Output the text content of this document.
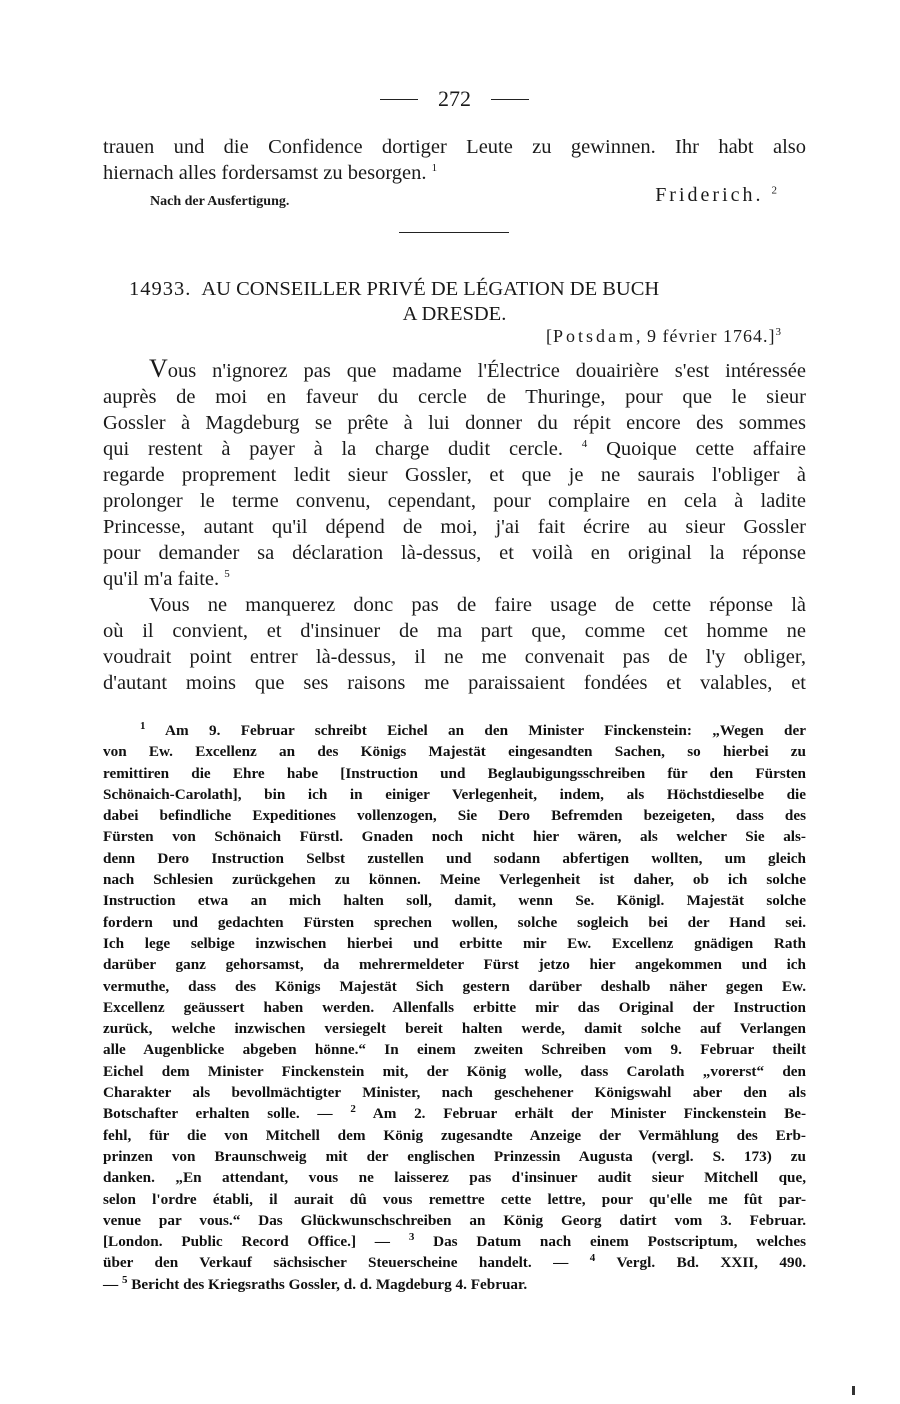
272
trauen und die Confidence dortiger Leute zu gewinnen. Ihr habt also
hiernach alles fordersamst zu besorgen. $^1$
Nach der Ausfertigung.	Friderich. $^2$
14933. AU CONSEILLER PRIVÉ DE LÉGATION DE BUCH
A DRESDE.
[Potsdam, 9 février 1764.]$^3$
Vous n'ignorez pas que madame l'Électrice douairière s'est intéressée
auprès de moi en faveur du cercle de Thuringe, pour que le sieur
Gossler à Magdeburg se prête à lui donner du répit encore des sommes
qui restent à payer à la charge dudit cercle. $^4$ Quoique cette affaire
regarde proprement ledit sieur Gossler, et que je ne saurais l'obliger à
prolonger le terme convenu, cependant, pour complaire en cela à ladite
Princesse, autant qu'il dépend de moi, j'ai fait écrire au sieur Gossler
pour demander sa déclaration là-dessus, et voilà en original la réponse
qu'il m'a faite. $^5$
Vous ne manquerez donc pas de faire usage de cette réponse là
où il convient, et d'insinuer de ma part que, comme cet homme ne
voudrait point entrer là-dessus, il ne me convenait pas de l'y obliger,
d'autant moins que ses raisons me paraissaient fondées et valables, et
$^1$ Am 9. Februar schreibt Eichel an den Minister Finckenstein: „Wegen der
von Ew. Excellenz an des Königs Majestät eingesandten Sachen, so hierbei zu
remittiren die Ehre habe [Instruction und Beglaubigungsschreiben für den Fürsten
Schönaich-Carolath], bin ich in einiger Verlegenheit, indem, als Höchstdieselbe die
dabei befindliche Expeditiones vollenzogen, Sie Dero Befremden bezeigeten, dass des
Fürsten von Schönaich Fürstl. Gnaden noch nicht hier wären, als welcher Sie als-
denn Dero Instruction Selbst zustellen und sodann abfertigen wollten, um gleich
nach Schlesien zurückgehen zu können. Meine Verlegenheit ist daher, ob ich solche
Instruction etwa an mich halten soll, damit, wenn Se. Königl. Majestät solche
fordern und gedachten Fürsten sprechen wollen, solche sogleich bei der Hand sei.
Ich lege selbige inzwischen hierbei und erbitte mir Ew. Excellenz gnädigen Rath
darüber ganz gehorsamst, da mehrermeldeter Fürst jetzo hier angekommen und ich
vermuthe, dass des Königs Majestät Sich gestern darüber deshalb näher gegen Ew.
Excellenz geäussert haben werden. Allenfalls erbitte mir das Original der Instruction
zurück, welche inzwischen versiegelt bereit halten werde, damit solche auf Verlangen
alle Augenblicke abgeben hönne.“ In einem zweiten Schreiben vom 9. Februar theilt
Eichel dem Minister Finckenstein mit, der König wolle, dass Carolath „vorerst“ den
Charakter als bevollmächtigter Minister, nach geschehener Königswahl aber den als
Botschafter erhalten solle. — $^2$ Am 2. Februar erhält der Minister Finckenstein Be-
fehl, für die von Mitchell dem König zugesandte Anzeige der Vermählung des Erb-
prinzen von Braunschweig mit der englischen Prinzessin Augusta (vergl. S. 173) zu
danken. „En attendant, vous ne laisserez pas d'insinuer audit sieur Mitchell que,
selon l'ordre établi, il aurait dû vous remettre cette lettre, pour qu'elle me fût par-
venue par vous.“ Das Glückwunschschreiben an König Georg datirt vom 3. Februar.
[London. Public Record Office.] — $^3$ Das Datum nach einem Postscriptum, welches
über den Verkauf sächsischer Steuerscheine handelt. — $^4$ Vergl. Bd. XXII, 490.
— $^5$ Bericht des Kriegsraths Gossler, d. d. Magdeburg 4. Februar.
